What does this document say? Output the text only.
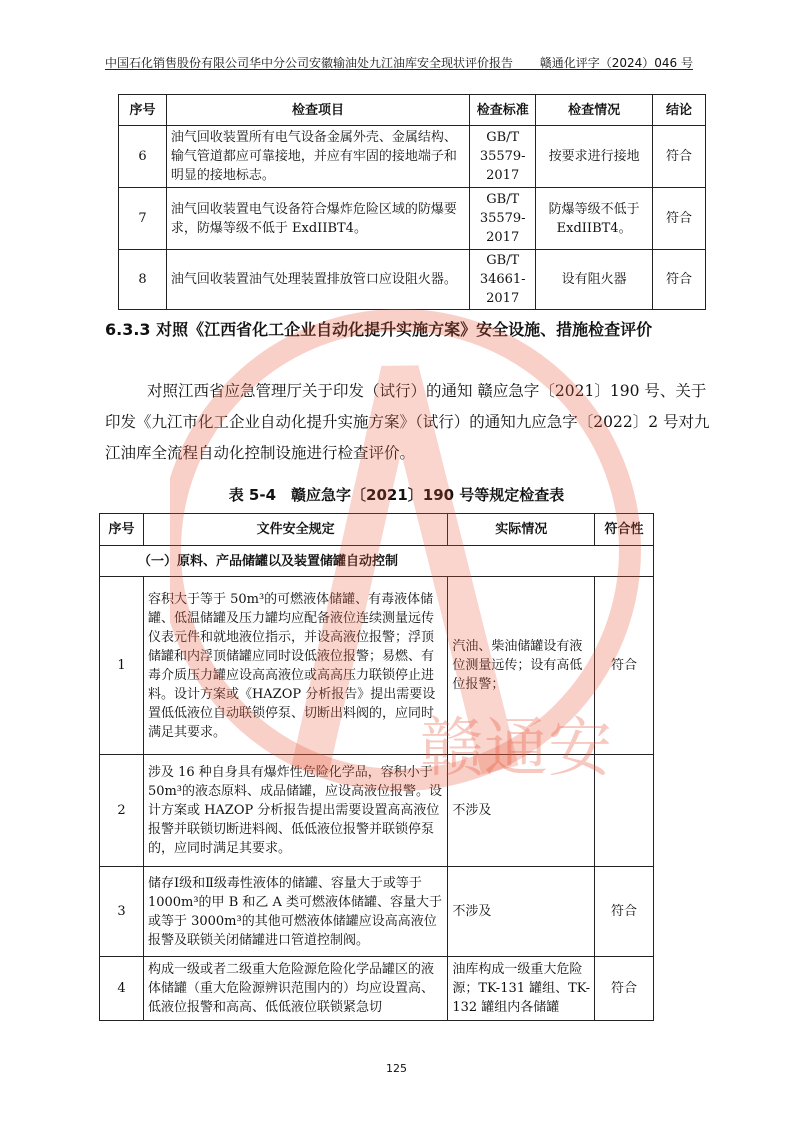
中国石化销售股份有限公司华中分公司安徽输油处九江油库安全现状评价报告 赣通化评字（2024）046 号
序号	检查项目	检查标准	检查情况	结论
6	油气回收装置所有电气设备金属外壳、金属结构、输气管道都应可靠接地，并应有牢固的接地端子和明显的接地标志。	GB/T 35579-2017	按要求进行接地	符合
7	油气回收装置电气设备符合爆炸危险区域的防爆要求，防爆等级不低于 ExdIIBT4。	GB/T 35579-2017	防爆等级不低于 ExdIIBT4。	符合
8	油气回收装置油气处理装置排放管口应设阻火器。	GB/T 34661-2017	设有阻火器	符合
6.3.3 对照《江西省化工企业自动化提升实施方案》安全设施、措施检查评价
对照江西省应急管理厅关于印发（试行）的通知 赣应急字〔2021〕190 号、关于印发《九江市化工企业自动化提升实施方案》（试行）的通知九应急字〔2022〕2 号对九江油库全流程自动化控制设施进行检查评价。
表 5-4　赣应急字〔2021〕190 号等规定检查表
序号	文件安全规定	实际情况	符合性
（一）原料、产品储罐以及装置储罐自动控制			
1	容积大于等于 50m³的可燃液体储罐、有毒液体储罐、低温储罐及压力罐均应配备液位连续测量远传仪表元件和就地液位指示，并设高液位报警；浮顶储罐和内浮顶储罐应同时设低液位报警；易燃、有毒介质压力罐应设高高液位或高高压力联锁停止进料。设计方案或《HAZOP 分析报告》提出需要设置低低液位自动联锁停泵、切断出料阀的，应同时满足其要求。	汽油、柴油储罐设有液位测量远传；设有高低位报警；	符合
2	涉及 16 种自身具有爆炸性危险化学品，容积小于 50m³的液态原料、成品储罐，应设高液位报警。设计方案或 HAZOP 分析报告提出需要设置高高液位报警并联锁切断进料阀、低低液位报警并联锁停泵的，应同时满足其要求。	不涉及	
3	储存Ⅰ级和Ⅱ级毒性液体的储罐、容量大于或等于 1000m³的甲 B 和乙 A 类可燃液体储罐、容量大于或等于 3000m³的其他可燃液体储罐应设高高液位报警及联锁关闭储罐进口管道控制阀。	不涉及	符合
4	构成一级或者二级重大危险源危险化学品罐区的液体储罐（重大危险源辨识范围内的）均应设置高、低液位报警和高高、低低液位联锁紧急切	油库构成一级重大危险源；TK-131 罐组、TK-132 罐组内各储罐	符合
赣通安
125
